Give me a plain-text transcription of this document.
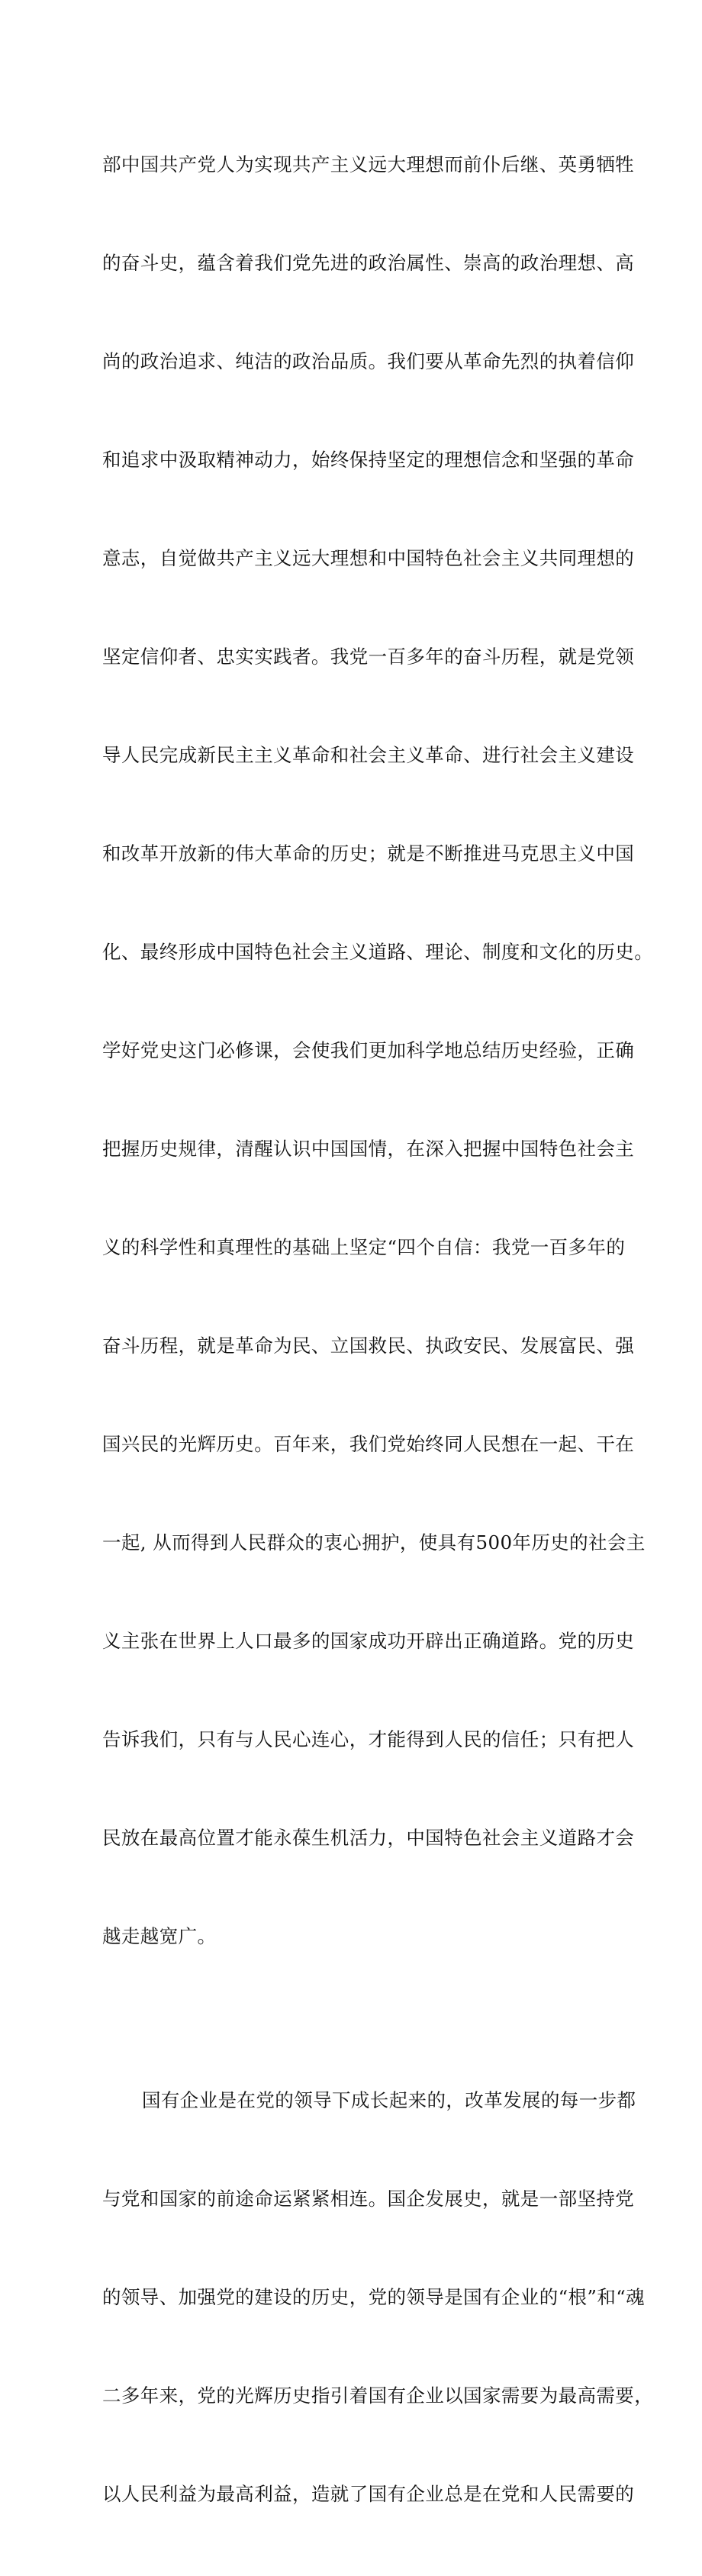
部中国共产党人为实现共产主义远大理想而前仆后继、英勇牺牲

的奋斗史，蕴含着我们党先进的政治属性、崇高的政治理想、高

尚的政治追求、纯洁的政治品质。我们要从革命先烈的执着信仰

和追求中汲取精神动力，始终保持坚定的理想信念和坚强的革命

意志，自觉做共产主义远大理想和中国特色社会主义共同理想的

坚定信仰者、忠实实践者。我党一百多年的奋斗历程，就是党领

导人民完成新民主主义革命和社会主义革命、进行社会主义建设

和改革开放新的伟大革命的历史；就是不断推进马克思主义中国

化、最终形成中国特色社会主义道路、理论、制度和文化的历史。

学好党史这门必修课，会使我们更加科学地总结历史经验，正确

把握历史规律，清醒认识中国国情，在深入把握中国特色社会主

义的科学性和真理性的基础上坚定“四个自信：我党一百多年的

奋斗历程，就是革命为民、立国救民、执政安民、发展富民、强

国兴民的光辉历史。百年来，我们党始终同人民想在一起、干在

一起, 从而得到人民群众的衷心拥护，使具有500年历史的社会主

义主张在世界上人口最多的国家成功开辟出正确道路。党的历史

告诉我们，只有与人民心连心，才能得到人民的信任；只有把人

民放在最高位置才能永葆生机活力，中国特色社会主义道路才会

越走越宽广。

国有企业是在党的领导下成长起来的，改革发展的每一步都

与党和国家的前途命运紧紧相连。国企发展史，就是一部坚持党

的领导、加强党的建设的历史，党的领导是国有企业的“根”和“魂

二多年来，党的光辉历史指引着国有企业以国家需要为最高需要，

以人民利益为最高利益，造就了国有企业总是在党和人民需要的
